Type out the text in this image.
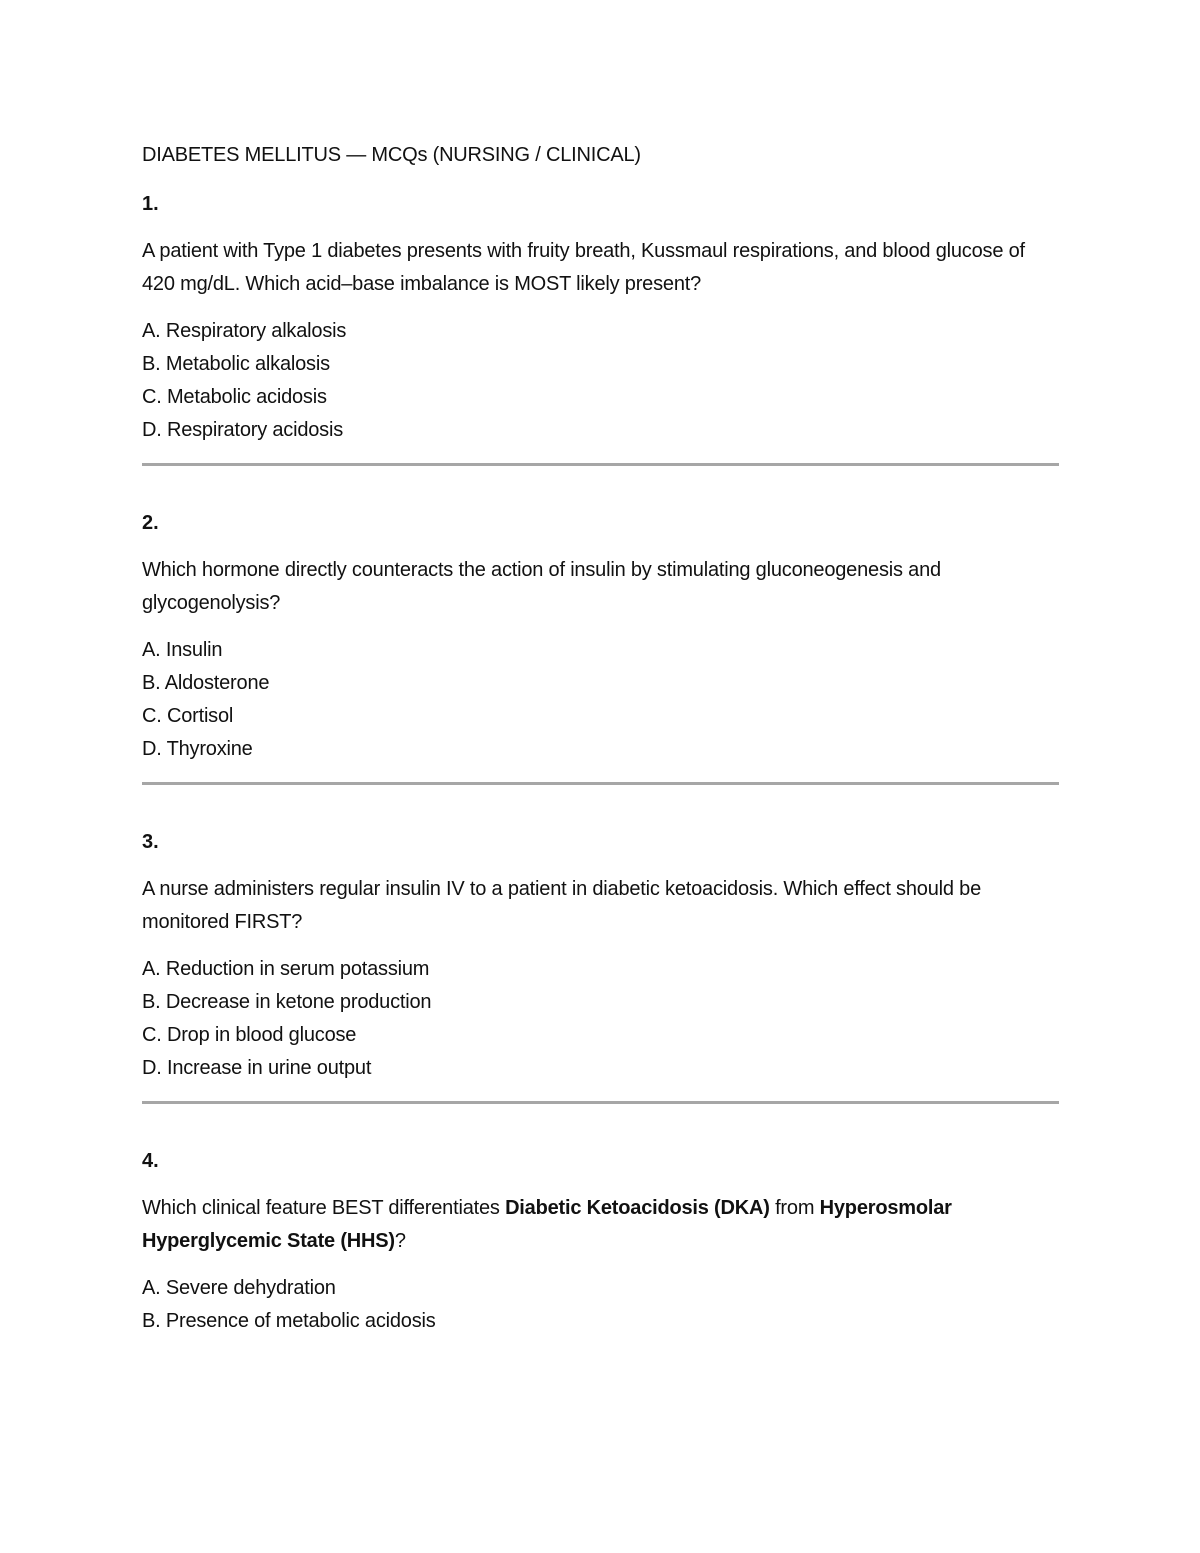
DIABETES MELLITUS — MCQs (NURSING / CLINICAL)
1.
A patient with Type 1 diabetes presents with fruity breath, Kussmaul respirations, and blood glucose of 420 mg/dL. Which acid–base imbalance is MOST likely present?
A. Respiratory alkalosis
B. Metabolic alkalosis
C. Metabolic acidosis
D. Respiratory acidosis
2.
Which hormone directly counteracts the action of insulin by stimulating gluconeogenesis and glycogenolysis?
A. Insulin
B. Aldosterone
C. Cortisol
D. Thyroxine
3.
A nurse administers regular insulin IV to a patient in diabetic ketoacidosis. Which effect should be monitored FIRST?
A. Reduction in serum potassium
B. Decrease in ketone production
C. Drop in blood glucose
D. Increase in urine output
4.
Which clinical feature BEST differentiates Diabetic Ketoacidosis (DKA) from Hyperosmolar Hyperglycemic State (HHS)?
A. Severe dehydration
B. Presence of metabolic acidosis
